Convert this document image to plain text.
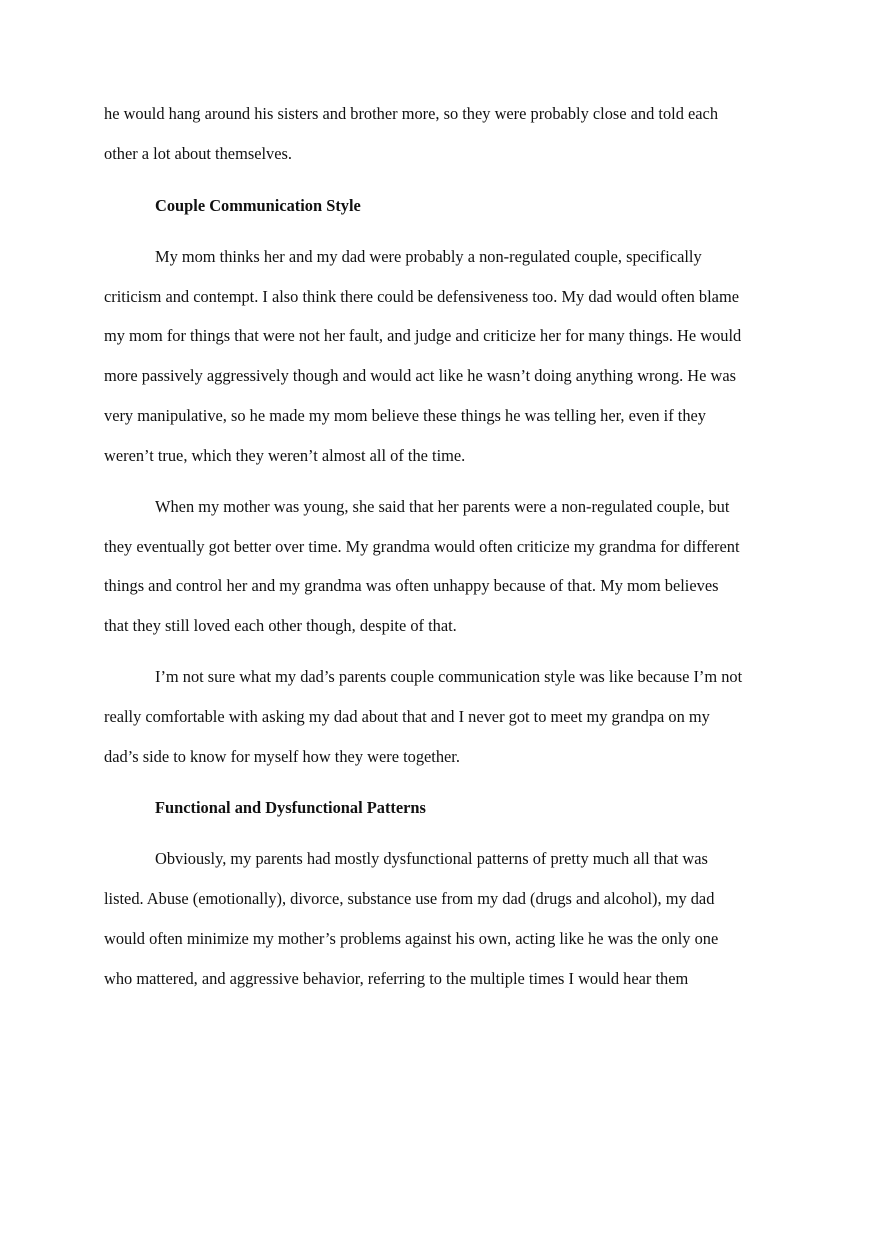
he would hang around his sisters and brother more, so they were probably close and told each

other a lot about themselves.

Couple Communication Style

My mom thinks her and my dad were probably a non-regulated couple, specifically

criticism and contempt. I also think there could be defensiveness too. My dad would often blame

my mom for things that were not her fault, and judge and criticize her for many things. He would

more passively aggressively though and would act like he wasn’t doing anything wrong. He was

very manipulative, so he made my mom believe these things he was telling her, even if they

weren’t true, which they weren’t almost all of the time.

When my mother was young, she said that her parents were a non-regulated couple, but

they eventually got better over time. My grandma would often criticize my grandma for different

things and control her and my grandma was often unhappy because of that. My mom believes

that they still loved each other though, despite of that.

I’m not sure what my dad’s parents couple communication style was like because I’m not

really comfortable with asking my dad about that and I never got to meet my grandpa on my

dad’s side to know for myself how they were together.

Functional and Dysfunctional Patterns

Obviously, my parents had mostly dysfunctional patterns of pretty much all that was

listed. Abuse (emotionally), divorce, substance use from my dad (drugs and alcohol), my dad

would often minimize my mother’s problems against his own, acting like he was the only one

who mattered, and aggressive behavior, referring to the multiple times I would hear them
